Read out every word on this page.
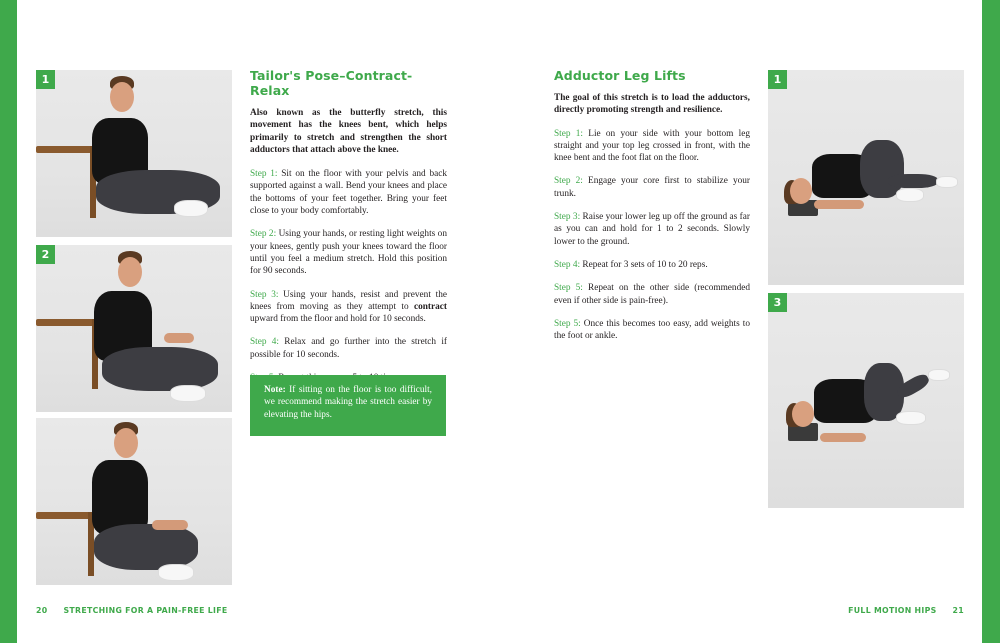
1
2
Tailor's Pose–Contract-Relax

Also known as the butterfly stretch, this movement has the knees bent, which helps primarily to stretch and strengthen the short adductors that attach above the knee.

Step 1: Sit on the floor with your pelvis and back supported against a wall. Bend your knees and place the bottoms of your feet together. Bring your feet close to your body comfortably.

Step 2: Using your hands, or resting light weights on your knees, gently push your knees toward the floor until you feel a medium stretch. Hold this position for 90 seconds.

Step 3: Using your hands, resist and prevent the knees from moving as they attempt to contract upward from the floor and hold for 10 seconds.

Step 4: Relax and go further into the stretch if possible for 10 seconds.

Note: If sitting on the floor is too difficult, we recommend making the stretch easier by elevating the hips.

Adductor Leg Lifts

The goal of this stretch is to load the adductors, directly promoting strength and resilience.

Step 1: Lie on your side with your bottom leg straight and your top leg crossed in front, with the knee bent and the foot flat on the floor.

Step 2: Engage your core first to stabilize your trunk.

Step 3: Raise your lower leg up off the ground as far as you can and hold for 1 to 2 seconds. Slowly lower to the ground.

Step 4: Repeat for 3 sets of 10 to 20 reps.

Step 5: Repeat on the other side (recommended even if other side is pain-free).

Step 5: Once this becomes too easy, add weights to the foot or ankle.

1
3
20 STRETCHING FOR A PAIN-FREE LIFE	FULL MOTION HIPS 21
